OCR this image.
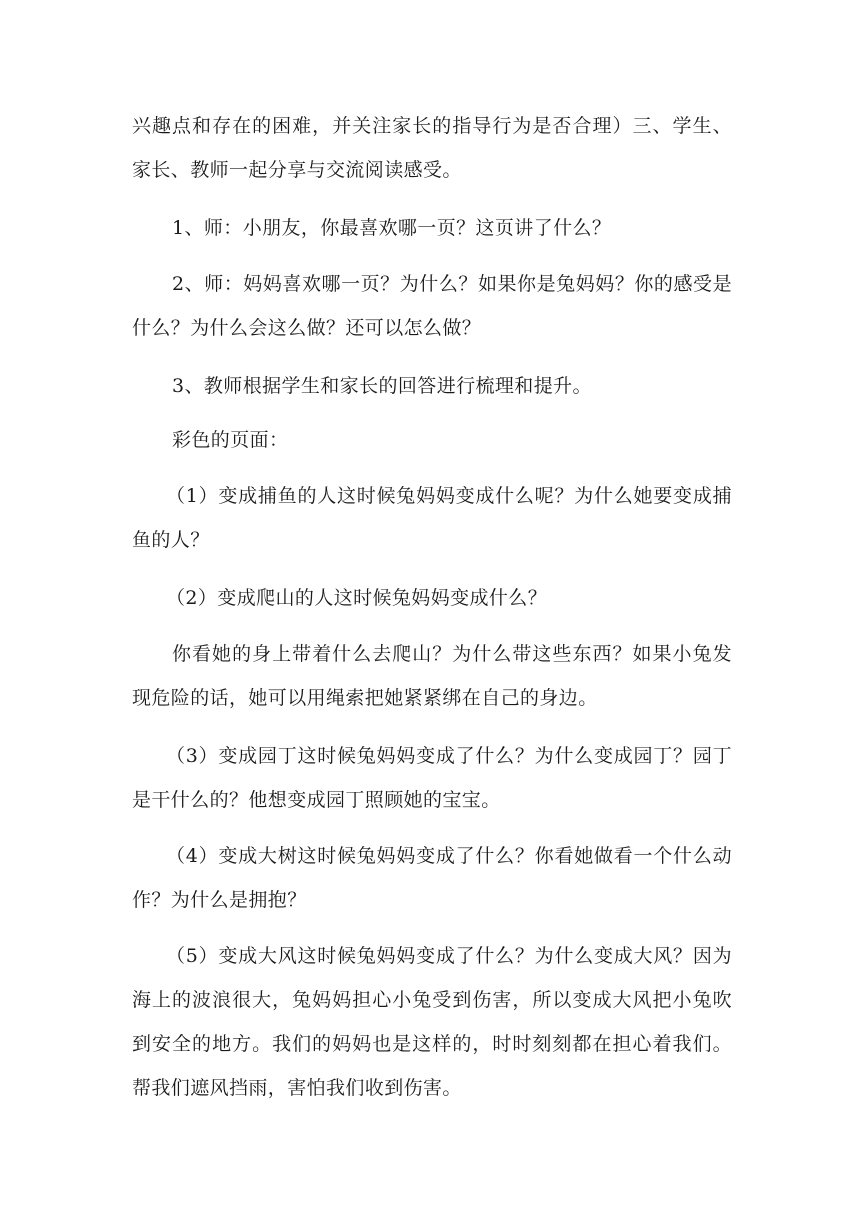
兴趣点和存在的困难，并关注家长的指导行为是否合理）三、学生、家长、教师一起分享与交流阅读感受。

1、师：小朋友，你最喜欢哪一页？这页讲了什么？

2、师：妈妈喜欢哪一页？为什么？如果你是兔妈妈？你的感受是什么？为什么会这么做？还可以怎么做？

3、教师根据学生和家长的回答进行梳理和提升。

彩色的页面：

（1）变成捕鱼的人这时候兔妈妈变成什么呢？为什么她要变成捕鱼的人？

（2）变成爬山的人这时候兔妈妈变成什么？

你看她的身上带着什么去爬山？为什么带这些东西？如果小兔发现危险的话，她可以用绳索把她紧紧绑在自己的身边。

（3）变成园丁这时候兔妈妈变成了什么？为什么变成园丁？园丁是干什么的？他想变成园丁照顾她的宝宝。

（4）变成大树这时候兔妈妈变成了什么？你看她做看一个什么动作？为什么是拥抱？

（5）变成大风这时候兔妈妈变成了什么？为什么变成大风？因为海上的波浪很大，兔妈妈担心小兔受到伤害，所以变成大风把小兔吹到安全的地方。我们的妈妈也是这样的，时时刻刻都在担心着我们。帮我们遮风挡雨，害怕我们收到伤害。
